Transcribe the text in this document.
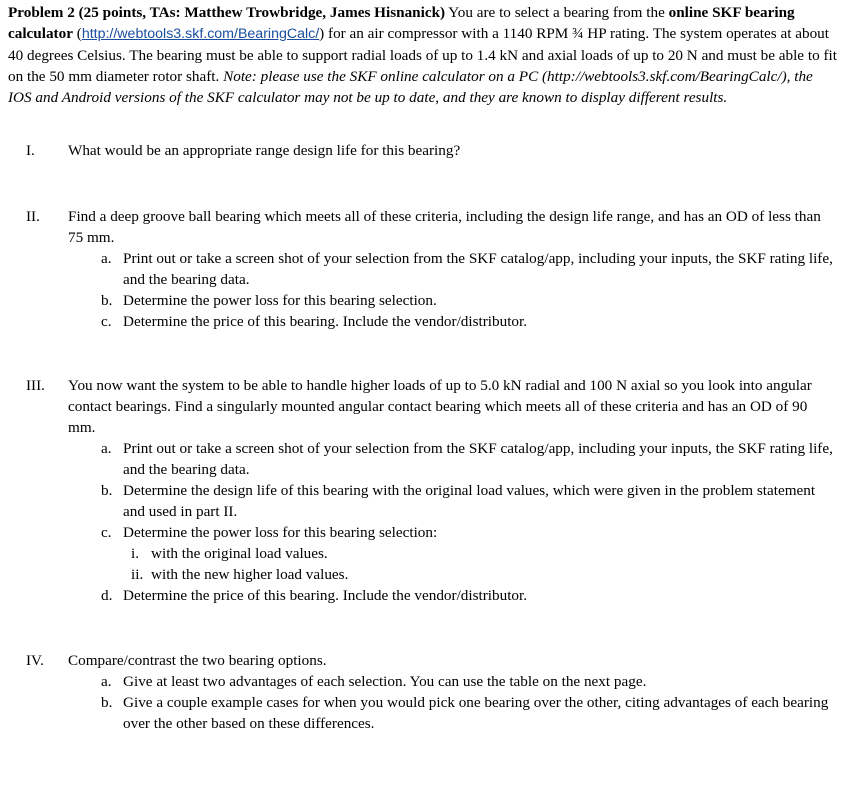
Problem 2 (25 points, TAs: Matthew Trowbridge, James Hisnanick) You are to select a bearing from the online SKF bearing calculator (http://webtools3.skf.com/BearingCalc/) for an air compressor with a 1140 RPM ¾ HP rating. The system operates at about 40 degrees Celsius. The bearing must be able to support radial loads of up to 1.4 kN and axial loads of up to 20 N and must be able to fit on the 50 mm diameter rotor shaft. Note: please use the SKF online calculator on a PC (http://webtools3.skf.com/BearingCalc/), the IOS and Android versions of the SKF calculator may not be up to date, and they are known to display different results.

I. What would be an appropriate range design life for this bearing?
II. Find a deep groove ball bearing which meets all of these criteria, including the design life range, and has an OD of less than 75 mm.
a. Print out or take a screen shot of your selection from the SKF catalog/app, including your inputs, the SKF rating life, and the bearing data.
b. Determine the power loss for this bearing selection.
c. Determine the price of this bearing. Include the vendor/distributor.
III. You now want the system to be able to handle higher loads of up to 5.0 kN radial and 100 N axial so you look into angular contact bearings. Find a singularly mounted angular contact bearing which meets all of these criteria and has an OD of 90 mm.
a. Print out or take a screen shot of your selection from the SKF catalog/app, including your inputs, the SKF rating life, and the bearing data.
b. Determine the design life of this bearing with the original load values, which were given in the problem statement and used in part II.
c. Determine the power loss for this bearing selection:
i. with the original load values.
ii. with the new higher load values.
d. Determine the price of this bearing. Include the vendor/distributor.
IV. Compare/contrast the two bearing options.
a. Give at least two advantages of each selection. You can use the table on the next page.
b. Give a couple example cases for when you would pick one bearing over the other, citing advantages of each bearing over the other based on these differences.
